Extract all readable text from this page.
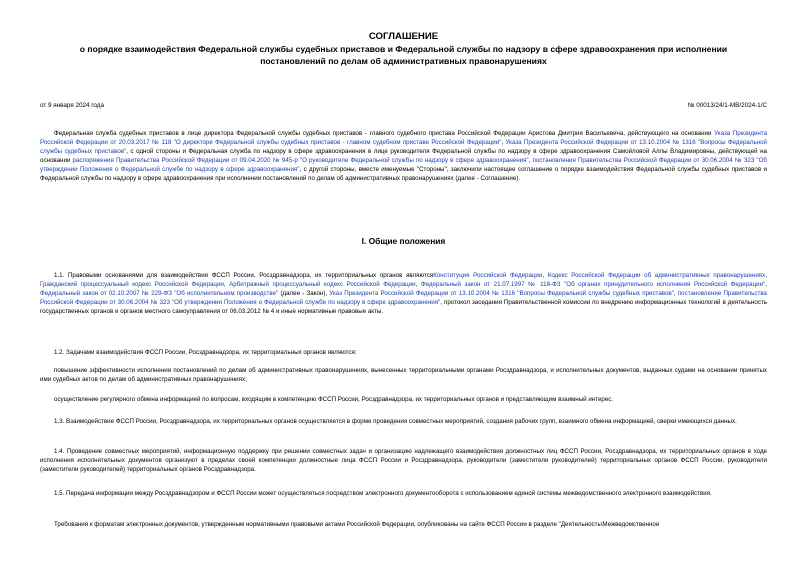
СОГЛАШЕНИЕ
о порядке взаимодействия Федеральной службы судебных приставов и Федеральной службы по надзору в сфере здравоохранения при исполнении
постановлений по делам об административных правонарушениях
от 9 января 2024 года	№ 00013/24/1-МВ/2024-1/С
Федеральная служба судебных приставов в лице директора Федеральной службы судебных приставов - главного судебного пристава Российской Федерации Аристова Дмитрия Васильевича, действующего на основании Указа Президента Российской Федерации от 20.03.2017 № 118 "О директоре Федеральной службы судебных приставов - главном судебном приставе Российской Федерации", Указа Президента Российской Федерации от 13.10.2004 № 1316 "Вопросы Федеральной службы судебных приставов", с одной стороны и Федеральная служба по надзору в сфере здравоохранения в лице руководителя Федеральной службы по надзору в сфере здравоохранения Самойловой Аллы Владимировны, действующей на основании распоряжения Правительства Российской Федерации от 09.04.2020 № 945-р "О руководителе Федеральной службы по надзору в сфере здравоохранения", постановления Правительства Российской Федерации от 30.06.2004 № 323 "Об утверждении Положения о Федеральной службе по надзору в сфере здравоохранения", с другой стороны, вместе именуемые "Стороны", заключили настоящее соглашение о порядке взаимодействия Федеральной службы судебных приставов и Федеральной службы по надзору в сфере здравоохранения при исполнении постановлений по делам об административных правонарушениях (далее - Соглашение).
I. Общие положения
1.1. Правовыми основаниями для взаимодействия ФССП России, Росздравнадзора, их территориальных органов являютсяКонституция Российской Федерации, Кодекс Российской Федерации об административных правонарушениях, Гражданский процессуальный кодекс Российской Федерации, Арбитражный процессуальный кодекс Российской Федерации, Федеральный закон от 21.07.1997 № 118-ФЗ "Об органах принудительного исполнения Российской Федерации", Федеральный закон от 02.10.2007 № 229-ФЗ "Об исполнительном производстве" (далее - Закон), Указ Президента Российской Федерации от 13.10.2004 № 1316 "Вопросы Федеральной службы судебных приставов", постановление Правительства Российской Федерации от 30.06.2004 № 323 "Об утверждении Положения о Федеральной службе по надзору в сфере здравоохранения", протокол заседания Правительственной комиссии по внедрению информационных технологий в деятельность государственных органов и органов местного самоуправления от 06.03.2012 № 4 и иные нормативные правовые акты.
1.2. Задачами взаимодействия ФССП России, Росздравнадзора, их территориальных органов являются:
повышение эффективности исполнения постановлений по делам об административных правонарушениях, вынесенных территориальными органами Росздравнадзора, и исполнительных документов, выданных судами на основании принятых ими судебных актов по делам об административных правонарушениях;
осуществление регулярного обмена информацией по вопросам, входящим в компетенцию ФССП России, Росздравнадзора, их территориальных органов и представляющим взаимный интерес.
1.3. Взаимодействие ФССП России, Росздравнадзора, их территориальных органов осуществляется в форме проведения совместных мероприятий, создания рабочих групп, взаимного обмена информацией, сверки имеющихся данных.
1.4. Проведение совместных мероприятий, информационную поддержку при решении совместных задач и организацию надлежащего взаимодействия должностных лиц ФССП России, Росздравнадзора, их территориальных органов в ходе исполнения исполнительных документов организуют в пределах своей компетенции должностные лица ФССП России и Росздравнадзора, руководители (заместители руководителей) территориальных органов ФССП России, руководители (заместители руководителей) территориальных органов Росздравнадзора.
1.5. Передача информации между Росздравнадзором и ФССП России может осуществляться посредством электронного документооборота с использованием единой системы межведомственного электронного взаимодействия.
Требования к форматам электронных документов, утвержденным нормативными правовыми актами Российской Федерации, опубликованы на сайте ФССП России в разделе "Деятельность\Межведомственное
